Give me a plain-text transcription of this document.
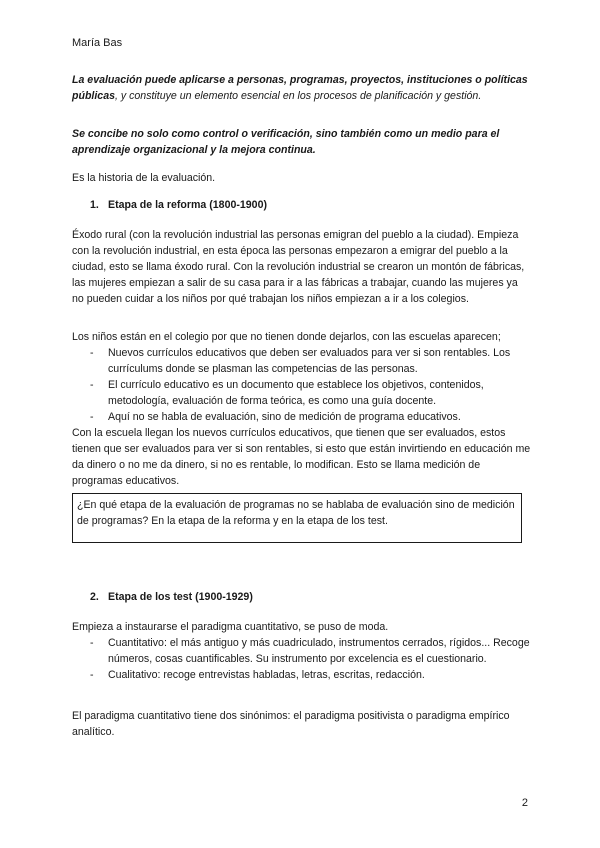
María Bas

La evaluación puede aplicarse a personas, programas, proyectos, instituciones o políticas públicas, y constituye un elemento esencial en los procesos de planificación y gestión.

Se concibe no solo como control o verificación, sino también como un medio para el aprendizaje organizacional y la mejora continua.

Es la historia de la evaluación.

1. Etapa de la reforma (1800-1900)

Éxodo rural (con la revolución industrial las personas emigran del pueblo a la ciudad). Empieza con la revolución industrial, en esta época las personas empezaron a emigrar del pueblo a la ciudad, esto se llama éxodo rural. Con la revolución industrial se crearon un montón de fábricas, las mujeres empiezan a salir de su casa para ir a las fábricas a trabajar, cuando las mujeres ya no pueden cuidar a los niños por qué trabajan los niños empiezan a ir a los colegios.

Los niños están en el colegio por que no tienen donde dejarlos, con las escuelas aparecen;
- Nuevos currículos educativos que deben ser evaluados para ver si son rentables. Los currículums donde se plasman las competencias de las personas.
- El currículo educativo es un documento que establece los objetivos, contenidos, metodología, evaluación de forma teórica, es como una guía docente.
- Aquí no se habla de evaluación, sino de medición de programa educativos.
Con la escuela llegan los nuevos currículos educativos, que tienen que ser evaluados, estos tienen que ser evaluados para ver si son rentables, si esto que están invirtiendo en educación me da dinero o no me da dinero, si no es rentable, lo modifican. Esto se llama medición de programas educativos.
¿En qué etapa de la evaluación de programas no se hablaba de evaluación sino de medición de programas? En la etapa de la reforma y en la etapa de los test.
2. Etapa de los test (1900-1929)
Empieza a instaurarse el paradigma cuantitativo, se puso de moda.
- Cuantitativo: el más antiguo y más cuadriculado, instrumentos cerrados, rígidos... Recoge números, cosas cuantificables. Su instrumento por excelencia es el cuestionario.
- Cualitativo: recoge entrevistas habladas, letras, escritas, redacción.

El paradigma cuantitativo tiene dos sinónimos: el paradigma positivista o paradigma empírico analítico.

2
